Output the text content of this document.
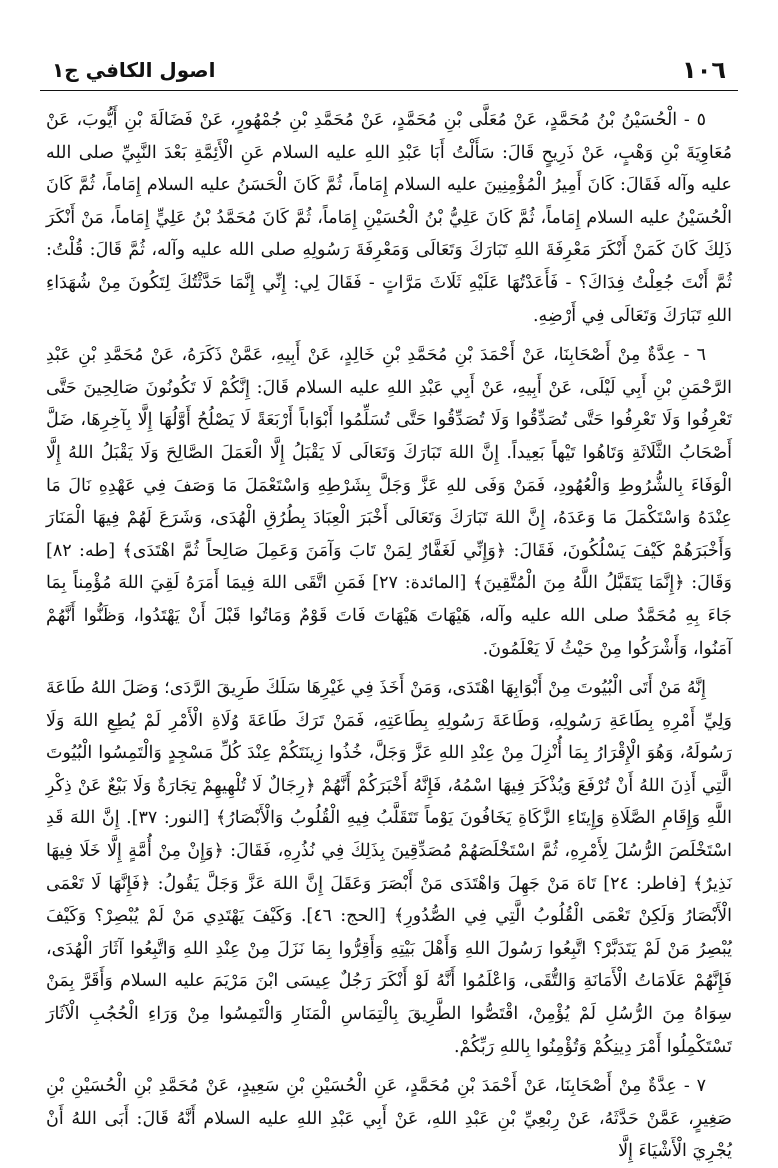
١٠٦
اصول الكافي ج١

٥ - الْحُسَيْنُ بْنُ مُحَمَّدٍ، عَنْ مُعَلَّى بْنِ مُحَمَّدٍ، عَنْ مُحَمَّدِ بْنِ جُمْهُورٍ، عَنْ فَضَالَةَ بْنِ أَيُّوبَ، عَنْ مُعَاوِيَةَ بْنِ وَهْبٍ، عَنْ ذَرِيحٍ قَالَ: سَأَلْتُ أَبَا عَبْدِ اللهِ عليه السلام عَنِ الْأَئِمَّةِ بَعْدَ النَّبِيِّ صلى الله عليه وآله فَقَالَ: كَانَ أَمِيرُ الْمُؤْمِنِينَ عليه السلام إِمَاماً، ثُمَّ كَانَ الْحَسَنُ عليه السلام إِمَاماً، ثُمَّ كَانَ الْحُسَيْنُ عليه السلام إِمَاماً، ثُمَّ كَانَ عَلِيُّ بْنُ الْحُسَيْنِ إِمَاماً، ثُمَّ كَانَ مُحَمَّدُ بْنُ عَلِيٍّ إِمَاماً، مَنْ أَنْكَرَ ذَلِكَ كَانَ كَمَنْ أَنْكَرَ مَعْرِفَةَ اللهِ تَبَارَكَ وَتَعَالَى وَمَعْرِفَةَ رَسُولِهِ صلى الله عليه وآله، ثُمَّ قَالَ: قُلْتُ: ثُمَّ أَنْتَ جُعِلْتُ فِدَاكَ؟ - فَأَعَدْتُهَا عَلَيْهِ ثَلَاثَ مَرَّاتٍ - فَقَالَ لِي: إِنِّي إِنَّمَا حَدَّثْتُكَ لِتَكُونَ مِنْ شُهَدَاءِ اللهِ تَبَارَكَ وَتَعَالَى فِي أَرْضِهِ.

٦ - عِدَّةٌ مِنْ أَصْحَابِنَا، عَنْ أَحْمَدَ بْنِ مُحَمَّدِ بْنِ خَالِدٍ، عَنْ أَبِيهِ، عَمَّنْ ذَكَرَهُ، عَنْ مُحَمَّدِ بْنِ عَبْدِ الرَّحْمَنِ بْنِ أَبِي لَيْلَى، عَنْ أَبِيهِ، عَنْ أَبِي عَبْدِ اللهِ عليه السلام قَالَ: إِنَّكُمْ لَا تَكُونُونَ صَالِحِينَ حَتَّى تَعْرِفُوا وَلَا تَعْرِفُوا حَتَّى تُصَدِّقُوا وَلَا تُصَدِّقُوا حَتَّى تُسَلِّمُوا أَبْوَاباً أَرْبَعَةً لَا يَصْلُحُ أَوَّلُهَا إِلَّا بِآخِرِهَا، ضَلَّ أَصْحَابُ الثَّلَاثَةِ وَتَاهُوا تَيْهاً بَعِيداً. إِنَّ اللهَ تَبَارَكَ وَتَعَالَى لَا يَقْبَلُ إِلَّا الْعَمَلَ الصَّالِحَ وَلَا يَقْبَلُ اللهُ إِلَّا الْوَفَاءَ بِالشُّرُوطِ وَالْعُهُودِ، فَمَنْ وَفَى للهِ عَزَّ وَجَلَّ بِشَرْطِهِ وَاسْتَعْمَلَ مَا وَصَفَ فِي عَهْدِهِ نَالَ مَا عِنْدَهُ وَاسْتَكْمَلَ مَا وَعَدَهُ، إِنَّ اللهَ تَبَارَكَ وَتَعَالَى أَخْبَرَ الْعِبَادَ بِطُرُقِ الْهُدَى، وَشَرَعَ لَهُمْ فِيهَا الْمَنَارَ وَأَخْبَرَهُمْ كَيْفَ يَسْلُكُونَ، فَقَالَ: ﴿وَإِنِّي لَغَفَّارٌ لِمَنْ تَابَ وَآمَنَ وَعَمِلَ صَالِحاً ثُمَّ اهْتَدَى﴾ [طه: ٨٢] وَقَالَ: ﴿إِنَّمَا يَتَقَبَّلُ اللَّهُ مِنَ الْمُتَّقِينَ﴾ [المائدة: ٢٧] فَمَنِ اتَّقَى اللهَ فِيمَا أَمَرَهُ لَقِيَ اللهَ مُؤْمِناً بِمَا جَاءَ بِهِ مُحَمَّدٌ صلى الله عليه وآله، هَيْهَاتَ هَيْهَاتَ فَاتَ قَوْمٌ وَمَاتُوا قَبْلَ أَنْ يَهْتَدُوا، وَظَنُّوا أَنَّهُمْ آمَنُوا، وَأَشْرَكُوا مِنْ حَيْثُ لَا يَعْلَمُونَ.

إِنَّهُ مَنْ أَتَى الْبُيُوتَ مِنْ أَبْوَابِهَا اهْتَدَى، وَمَنْ أَخَذَ فِي غَيْرِهَا سَلَكَ طَرِيقَ الرَّدَى؛ وَصَلَ اللهُ طَاعَةَ وَلِيِّ أَمْرِهِ بِطَاعَةِ رَسُولِهِ، وَطَاعَةَ رَسُولِهِ بِطَاعَتِهِ، فَمَنْ تَرَكَ طَاعَةَ وُلَاةِ الْأَمْرِ لَمْ يُطِعِ اللهَ وَلَا رَسُولَهُ، وَهُوَ الْإِقْرَارُ بِمَا أُنْزِلَ مِنْ عِنْدِ اللهِ عَزَّ وَجَلَّ، خُذُوا زِينَتَكُمْ عِنْدَ كُلِّ مَسْجِدٍ وَالْتَمِسُوا الْبُيُوتَ الَّتِي أَذِنَ اللهُ أَنْ تُرْفَعَ وَيُذْكَرَ فِيهَا اسْمُهُ، فَإِنَّهُ أَخْبَرَكُمْ أَنَّهُمْ ﴿رِجَالٌ لَا تُلْهِيهِمْ تِجَارَةٌ وَلَا بَيْعٌ عَنْ ذِكْرِ اللَّهِ وَإِقَامِ الصَّلَاةِ وَإِيتَاءِ الزَّكَاةِ يَخَافُونَ يَوْماً تَتَقَلَّبُ فِيهِ الْقُلُوبُ وَالْأَبْصَارُ﴾ [النور: ٣٧]. إِنَّ اللهَ قَدِ اسْتَخْلَصَ الرُّسُلَ لِأَمْرِهِ، ثُمَّ اسْتَخْلَصَهُمْ مُصَدِّقِينَ بِذَلِكَ فِي نُذُرِهِ، فَقَالَ: ﴿وَإِنْ مِنْ أُمَّةٍ إِلَّا خَلَا فِيهَا نَذِيرٌ﴾ [فاطر: ٢٤] تَاهَ مَنْ جَهِلَ وَاهْتَدَى مَنْ أَبْصَرَ وَعَقَلَ إِنَّ اللهَ عَزَّ وَجَلَّ يَقُولُ: ﴿فَإِنَّهَا لَا تَعْمَى الْأَبْصَارُ وَلَكِنْ تَعْمَى الْقُلُوبُ الَّتِي فِي الصُّدُورِ﴾ [الحج: ٤٦]. وَكَيْفَ يَهْتَدِي مَنْ لَمْ يُبْصِرْ؟ وَكَيْفَ يُبْصِرُ مَنْ لَمْ يَتَدَبَّرْ؟ اتَّبِعُوا رَسُولَ اللهِ وَأَهْلَ بَيْتِهِ وَأَقِرُّوا بِمَا نَزَلَ مِنْ عِنْدِ اللهِ وَاتَّبِعُوا آثَارَ الْهُدَى، فَإِنَّهُمْ عَلَامَاتُ الْأَمَانَةِ وَالتُّقَى، وَاعْلَمُوا أَنَّهُ لَوْ أَنْكَرَ رَجُلٌ عِيسَى ابْنَ مَرْيَمَ عليه السلام وَأَقَرَّ بِمَنْ سِوَاهُ مِنَ الرُّسُلِ لَمْ يُؤْمِنْ، اقْتَصُّوا الطَّرِيقَ بِالْتِمَاسِ الْمَنَارِ وَالْتَمِسُوا مِنْ وَرَاءِ الْحُجُبِ الْآثَارَ تَسْتَكْمِلُوا أَمْرَ دِينِكُمْ وَتُؤْمِنُوا بِاللهِ رَبِّكُمْ.

٧ - عِدَّةٌ مِنْ أَصْحَابِنَا، عَنْ أَحْمَدَ بْنِ مُحَمَّدٍ، عَنِ الْحُسَيْنِ بْنِ سَعِيدٍ، عَنْ مُحَمَّدِ بْنِ الْحُسَيْنِ بْنِ صَغِيرٍ، عَمَّنْ حَدَّثَهُ، عَنْ رِبْعِيِّ بْنِ عَبْدِ اللهِ، عَنْ أَبِي عَبْدِ اللهِ عليه السلام أَنَّهُ قَالَ: أَبَى اللهُ أَنْ يُجْرِيَ الْأَشْيَاءَ إِلَّا
